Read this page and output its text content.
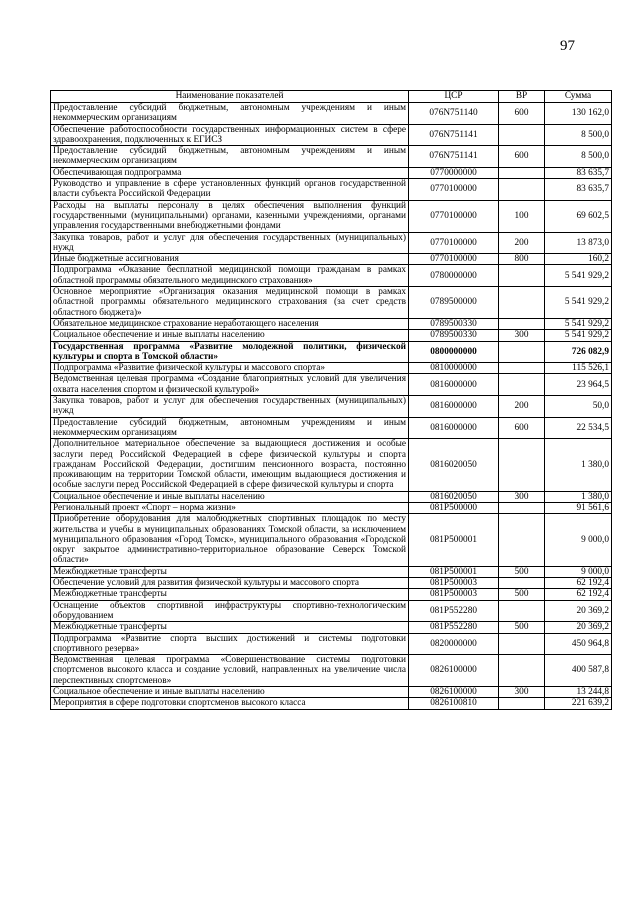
97
Наименование показателей	ЦСР	ВР	Сумма
Предоставление субсидий бюджетным, автономным учреждениям и иным некоммерческим организациям	076N751140	600	130 162,0
Обеспечение работоспособности государственных информационных систем в сфере здравоохранения, подключенных к ЕГИСЗ	076N751141		8 500,0
Предоставление субсидий бюджетным, автономным учреждениям и иным некоммерческим организациям	076N751141	600	8 500,0
Обеспечивающая подпрограмма	0770000000		83 635,7
Руководство и управление в сфере установленных функций органов государственной власти субъекта Российской Федерации	0770100000		83 635,7
Расходы на выплаты персоналу в целях обеспечения выполнения функций государственными (муниципальными) органами, казенными учреждениями, органами управления государственными внебюджетными фондами	0770100000	100	69 602,5
Закупка товаров, работ и услуг для обеспечения государственных (муниципальных) нужд	0770100000	200	13 873,0
Иные бюджетные ассигнования	0770100000	800	160,2
Подпрограмма «Оказание бесплатной медицинской помощи гражданам в рамках областной программы обязательного медицинского страхования»	0780000000		5 541 929,2
Основное мероприятие «Организация оказания медицинской помощи в рамках областной программы обязательного медицинского страхования (за счет средств областного бюджета)»	0789500000		5 541 929,2
Обязательное медицинское страхование неработающего населения	0789500330		5 541 929,2
Социальное обеспечение и иные выплаты населению	0789500330	300	5 541 929,2
Государственная программа «Развитие молодежной политики, физической культуры и спорта в Томской области»	0800000000		726 082,9
Подпрограмма «Развитие физической культуры и массового спорта»	0810000000		115 526,1
Ведомственная целевая программа «Создание благоприятных условий для увеличения охвата населения спортом и физической культурой»	0816000000		23 964,5
Закупка товаров, работ и услуг для обеспечения государственных (муниципальных) нужд	0816000000	200	50,0
Предоставление субсидий бюджетным, автономным учреждениям и иным некоммерческим организациям	0816000000	600	22 534,5
Дополнительное материальное обеспечение за выдающиеся достижения и особые заслуги перед Российской Федерацией в сфере физической культуры и спорта гражданам Российской Федерации, достигшим пенсионного возраста, постоянно проживающим на территории Томской области, имеющим выдающиеся достижения и особые заслуги перед Российской Федерацией в сфере физической культуры и спорта	0816020050		1 380,0
Социальное обеспечение и иные выплаты населению	0816020050	300	1 380,0
Региональный проект «Спорт – норма жизни»	081P500000		91 561,6
Приобретение оборудования для малобюджетных спортивных площадок по месту жительства и учебы в муниципальных образованиях Томской области, за исключением муниципального образования «Город Томск», муниципального образования «Городской округ закрытое административно-территориальное образование Северск Томской области»	081P500001		9 000,0
Межбюджетные трансферты	081P500001	500	9 000,0
Обеспечение условий для развития физической культуры и массового спорта	081P500003		62 192,4
Межбюджетные трансферты	081P500003	500	62 192,4
Оснащение объектов спортивной инфраструктуры спортивно-технологическим оборудованием	081P552280		20 369,2
Межбюджетные трансферты	081P552280	500	20 369,2
Подпрограмма «Развитие спорта высших достижений и системы подготовки спортивного резерва»	0820000000		450 964,8
Ведомственная целевая программа «Совершенствование системы подготовки спортсменов высокого класса и создание условий, направленных на увеличение числа перспективных спортсменов»	0826100000		400 587,8
Социальное обеспечение и иные выплаты населению	0826100000	300	13 244,8
Мероприятия в сфере подготовки спортсменов высокого класса	0826100810		221 639,2
